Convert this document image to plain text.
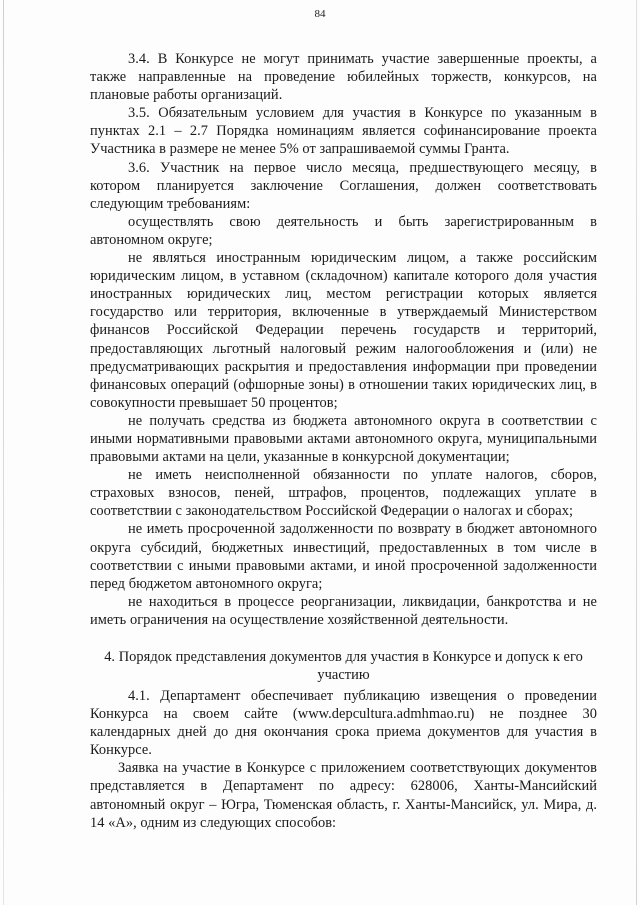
84

3.4. В Конкурсе не могут принимать участие завершенные проекты, а также направленные на проведение юбилейных торжеств, конкурсов, на плановые работы организаций.

3.5. Обязательным условием для участия в Конкурсе по указанным в пунктах 2.1 – 2.7 Порядка номинациям является софинансирование проекта Участника в размере не менее 5% от запрашиваемой суммы Гранта.

3.6. Участник на первое число месяца, предшествующего месяцу, в котором планируется заключение Соглашения, должен соответствовать следующим требованиям:

осуществлять свою деятельность и быть зарегистрированным в автономном округе;

не являться иностранным юридическим лицом, а также российским юридическим лицом, в уставном (складочном) капитале которого доля участия иностранных юридических лиц, местом регистрации которых является государство или территория, включенные в утверждаемый Министерством финансов Российской Федерации перечень государств и территорий, предоставляющих льготный налоговый режим налогообложения и (или) не предусматривающих раскрытия и предоставления информации при проведении финансовых операций (офшорные зоны) в отношении таких юридических лиц, в совокупности превышает 50 процентов;

не получать средства из бюджета автономного округа в соответствии с иными нормативными правовыми актами автономного округа, муниципальными правовыми актами на цели, указанные в конкурсной документации;

не иметь неисполненной обязанности по уплате налогов, сборов, страховых взносов, пеней, штрафов, процентов, подлежащих уплате в соответствии с законодательством Российской Федерации о налогах и сборах;

не иметь просроченной задолженности по возврату в бюджет автономного округа субсидий, бюджетных инвестиций, предоставленных в том числе в соответствии с иными правовыми актами, и иной просроченной задолженности перед бюджетом автономного округа;

не находиться в процессе реорганизации, ликвидации, банкротства и не иметь ограничения на осуществление хозяйственной деятельности.

4. Порядок представления документов для участия в Конкурсе и допуск к его участию

4.1. Департамент обеспечивает публикацию извещения о проведении Конкурса на своем сайте (www.depcultura.admhmao.ru) не позднее 30 календарных дней до дня окончания срока приема документов для участия в Конкурсе.

Заявка на участие в Конкурсе с приложением соответствующих документов представляется в Департамент по адресу: 628006, Ханты-Мансийский автономный округ – Югра, Тюменская область, г. Ханты-Мансийск, ул. Мира, д. 14 «А», одним из следующих способов:
